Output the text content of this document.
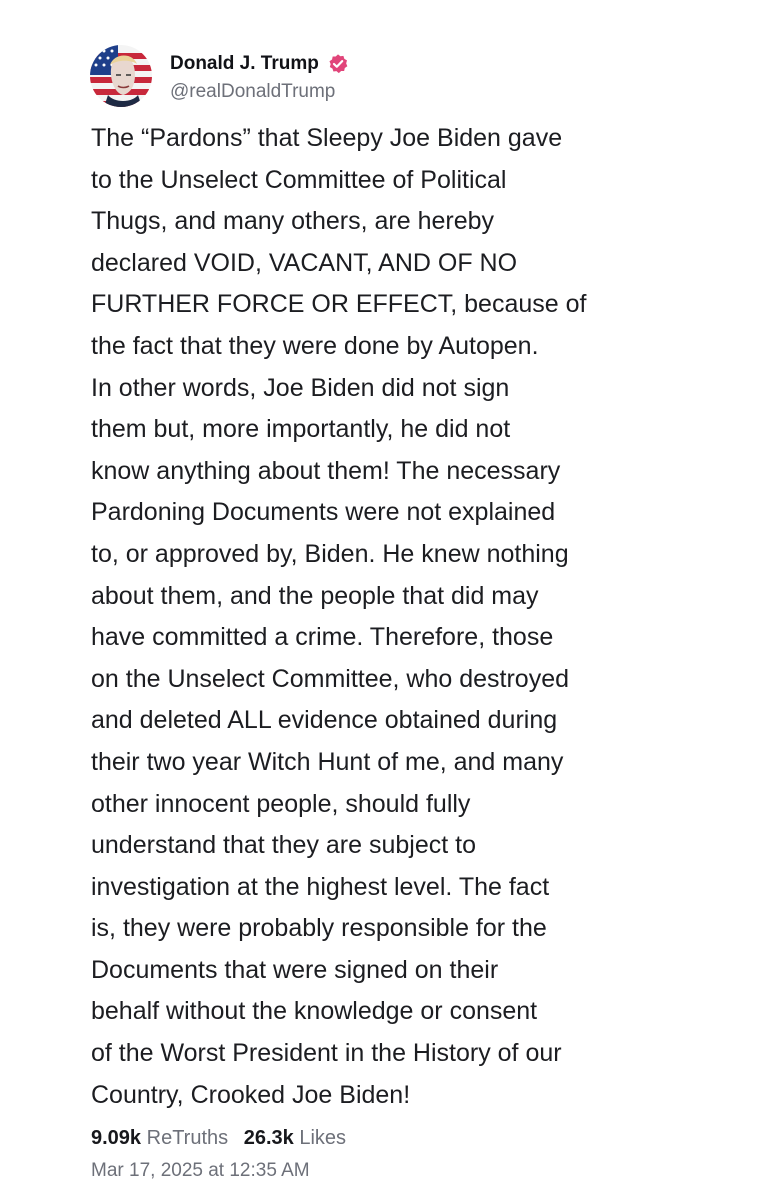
Donald J. Trump
@realDonaldTrump

The “Pardons” that Sleepy Joe Biden gave
to the Unselect Committee of Political
Thugs, and many others, are hereby
declared VOID, VACANT, AND OF NO
FURTHER FORCE OR EFFECT, because of
the fact that they were done by Autopen.
In other words, Joe Biden did not sign
them but, more importantly, he did not
know anything about them! The necessary
Pardoning Documents were not explained
to, or approved by, Biden. He knew nothing
about them, and the people that did may
have committed a crime. Therefore, those
on the Unselect Committee, who destroyed
and deleted ALL evidence obtained during
their two year Witch Hunt of me, and many
other innocent people, should fully
understand that they are subject to
investigation at the highest level. The fact
is, they were probably responsible for the
Documents that were signed on their
behalf without the knowledge or consent
of the Worst President in the History of our
Country, Crooked Joe Biden!

9.09k ReTruths 26.3k Likes
Mar 17, 2025 at 12:35 AM
